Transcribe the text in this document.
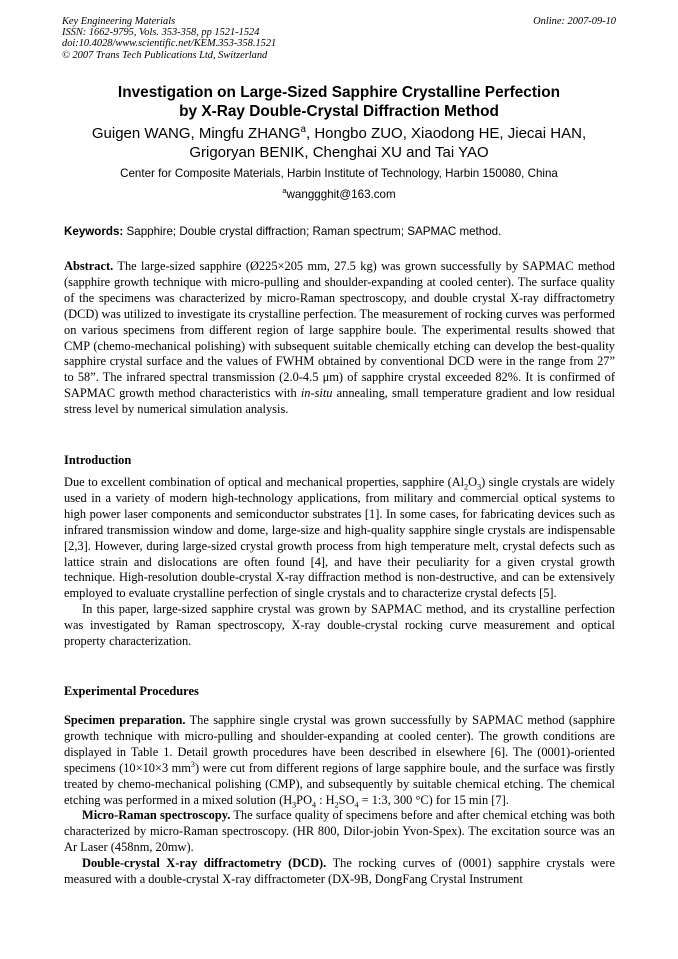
Key Engineering Materials
ISSN: 1662-9795, Vols. 353-358, pp 1521-1524
doi:10.4028/www.scientific.net/KEM.353-358.1521
© 2007 Trans Tech Publications Ltd, Switzerland
Online: 2007-09-10
Investigation on Large-Sized Sapphire Crystalline Perfection
by X-Ray Double-Crystal Diffraction Method
Guigen WANG, Mingfu ZHANG$^a$, Hongbo ZUO, Xiaodong HE, Jiecai HAN,
Grigoryan BENIK, Chenghai XU and Tai YAO
Center for Composite Materials, Harbin Institute of Technology, Harbin 150080, China
$^a$wanggghit@163.com
Keywords: Sapphire; Double crystal diffraction; Raman spectrum; SAPMAC method.

Abstract. The large-sized sapphire (Ø225×205 mm, 27.5 kg) was grown successfully by SAPMAC method (sapphire growth technique with micro-pulling and shoulder-expanding at cooled center). The surface quality of the specimens was characterized by micro-Raman spectroscopy, and double crystal X-ray diffractometry (DCD) was utilized to investigate its crystalline perfection. The measurement of rocking curves was performed on various specimens from different region of large sapphire boule. The experimental results showed that CMP (chemo-mechanical polishing) with subsequent suitable chemically etching can develop the best-quality sapphire crystal surface and the values of FWHM obtained by conventional DCD were in the range from 27” to 58”. The infrared spectral transmission (2.0-4.5 μm) of sapphire crystal exceeded 82%. It is confirmed of SAPMAC growth method characteristics with in-situ annealing, small temperature gradient and low residual stress level by numerical simulation analysis.

Introduction

Due to excellent combination of optical and mechanical properties, sapphire $(Al_2O_3)$ single crystals are widely used in a variety of modern high-technology applications, from military and commercial optical systems to high power laser components and semiconductor substrates [1]. In some cases, for fabricating devices such as infrared transmission window and dome, large-size and high-quality sapphire single crystals are indispensable [2,3]. However, during large-sized crystal growth process from high temperature melt, crystal defects such as lattice strain and dislocations are often found [4], and have their peculiarity for a given crystal growth technique. High-resolution double-crystal X-ray diffraction method is non-destructive, and can be extensively employed to evaluate crystalline perfection of single crystals and to characterize crystal defects [5].

In this paper, large-sized sapphire crystal was grown by SAPMAC method, and its crystalline perfection was investigated by Raman spectroscopy, X-ray double-crystal rocking curve measurement and optical property characterization.

Experimental Procedures

Specimen preparation. The sapphire single crystal was grown successfully by SAPMAC method (sapphire growth technique with micro-pulling and shoulder-expanding at cooled center). The growth conditions are displayed in Table 1. Detail growth procedures have been described in elsewhere [6]. The (0001)-oriented specimens (10×10×3 $mm^3$) were cut from different regions of large sapphire boule, and the surface was firstly treated by chemo-mechanical polishing (CMP), and subsequently by suitable chemical etching. The chemical etching was performed in a mixed solution ($H_3PO_4$ : $H_2SO_4$ = 1:3, 300 °C) for 15 min [7].

Micro-Raman spectroscopy. The surface quality of specimens before and after chemical etching was both characterized by micro-Raman spectroscopy. (HR 800, Dilor-jobin Yvon-Spex). The excitation source was an Ar Laser (458nm, 20mw).

Double-crystal X-ray diffractometry (DCD). The rocking curves of (0001) sapphire crystals were measured with a double-crystal X-ray diffractometer (DX-9B, DongFang Crystal Instrument
